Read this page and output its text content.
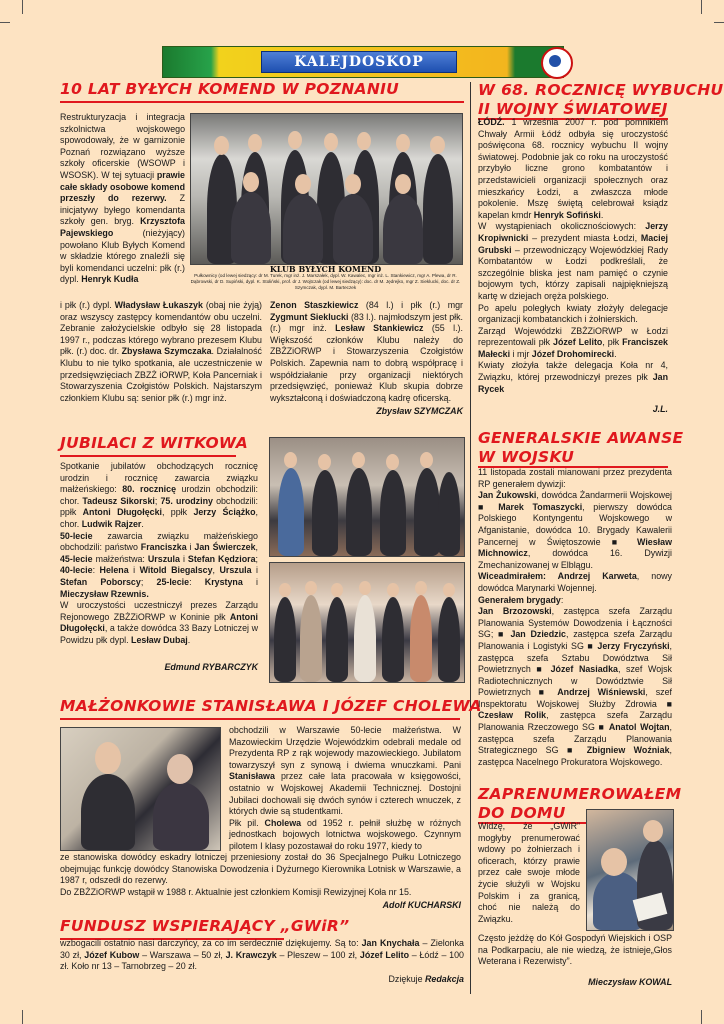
KALEJDOSKOP
10 LAT BYŁYCH KOMEND W POZNANIU
Restrukturyzacja i integracja szkolnictwa wojskowego spowodowały, że w garnizonie Poznań rozwiązano wyższe szkoły oficerskie (WSOWP i WSOSK). W tej sytuacji prawie całe składy osobowe komend przeszły do rezerwy. Z inicjatywy byłego komendanta szkoły gen. bryg. Krzysztofa Pajewskiego (nieżyjący) powołano Klub Byłych Komend w składzie którego znaleźli się byli komendanci uczelni: płk (r.) dypl. Henryk Kudła
KLUB BYŁYCH KOMEND
Pułkownicy (od lewej siedzący: dr M. Turek, mgr inż. J. Marszałek, dypl. W. Kawalec, mgr inż. L. Stankiewicz, mgr A. Plewa, dr R. Dąbrowski, dr D. Supiński, dypl. K. Stoliński, prof. dr J. Wojtczak (od lewej siedzący): doc. dr M. Jędrejko, mgr Z. Sieklucki, doc. dr Z. Szymczak, dypl. M. Barteczek
i płk (r.) dypl. Władysław Łukaszyk (obaj nie żyją) oraz wszyscy zastępcy komendantów obu uczelni. Zebranie założycielskie odbyło się 28 listopada 1997 r., podczas którego wybrano prezesem Klubu płk. (r.) doc. dr. Zbysława Szymczaka. Działalność Klubu to nie tylko spotkania, ale uczestniczenie w przedsięwzięciach ZBZŻ iORWP, Koła Pancerniak i Stowarzyszenia Czołgistów Polskich. Najstarszym członkiem Klubu są: senior płk (r.) mgr inż.
Zenon Staszkiewicz (84 l.) i płk (r.) mgr Zygmunt Sieklucki (83 l.). najmłodszym jest płk. (r.) mgr inż. Lesław Stankiewicz (55 l.). Większość członków Klubu należy do ZBŻZiORWP i Stowarzyszenia Czołgistów Polskich. Zapewnia nam to dobrą współpracę i współdziałanie przy organizacji niektórych przedsięwzięć, ponieważ Klub skupia dobrze wykształconą i doświadczoną kadrę oficerską.
Zbysław SZYMCZAK
JUBILACI Z WITKOWA
Spotkanie jubilatów obchodzących rocznicę urodzin i rocznicę zawarcia związku małżeńskiego: 80. rocznicę urodzin obchodzili: chor. Tadeusz Sikorski; 75. urodziny obchodzili: ppłk Antoni Długołęcki, ppłk Jerzy Ściążko, chor. Ludwik Rajzer.
50-lecie zawarcia związku małżeńskiego obchodzili: państwo Franciszka i Jan Świerczek, 45-lecie małżeństwa: Urszula i Stefan Kędziora; 40-lecie: Helena i Witold Biegalscy, Urszula i Stefan Poborscy; 25-lecie: Krystyna i Mieczysław Rzewnis.
W uroczystości uczestniczył prezes Zarządu Rejonowego ZBŻZiORWP w Koninie płk Antoni Długołęcki, a także dowódca 33 Bazy Lotniczej w Powidzu płk dypl. Lesław Dubaj.
Edmund RYBARCZYK
MAŁŻONKOWIE STANISŁAWA I JÓZEF CHOLEWA
obchodzili w Warszawie 50-lecie małżeństwa. W Mazowieckim Urzędzie Wojewódzkim odebrali medale od Prezydenta RP z rąk wojewody mazowieckiego. Jubilatom towarzyszył syn z synową i dwiema wnuczkami. Pani Stanisława przez całe lata pracowała w księgowości, ostatnio w Wojskowej Akademii Technicznej. Dostojni Jubilaci dochowali się dwóch synów i czterech wnuczek, z których dwie są studentkami.
Płk pil. Cholewa od 1952 r. pełnił służbę w różnych jednostkach bojowych lotnictwa wojskowego. Czynnym pilotem I klasy pozostawał do roku 1977, kiedy to
ze stanowiska dowódcy eskadry lotniczej przeniesiony został do 36 Specjalnego Pułku Lotniczego obejmując funkcję dowódcy Stanowiska Dowodzenia i Dyżurnego Kierownika Lotnisk w Warszawie, a 1987 r, odszedł do rezerwy.
Do ZBŻZiORWP wstąpił w 1988 r. Aktualnie jest członkiem Komisji Rewizyjnej Koła nr 15.
Adolf KUCHARSKI
FUNDUSZ WSPIERAJĄCY „GWiR”
wzbogacili ostatnio nasi darczyńcy, za co im serdecznie dziękujemy. Są to: Jan Knychała – Zielonka 30 zł, Józef Kubow – Warszawa – 50 zł, J. Krawczyk – Pleszew – 100 zł, Józef Lelito – Łódź – 100 zł. Koło nr 13 – Tarnobrzeg – 20 zł.
Dziękuje Redakcja
W 68. ROCZNICĘ WYBUCHU
II WOJNY ŚWIATOWEJ
ŁÓDŹ. 1 września 2007 r. pod pomnikiem Chwały Armii Łódź odbyła się uroczystość poświęcona 68. rocznicy wybuchu II wojny światowej. Podobnie jak co roku na uroczystość przybyło liczne grono kombatantów i przedstawicieli organizacji społecznych oraz mieszkańcy Łodzi, a zwłaszcza młode pokolenie. Mszę świętą celebrował ksiądz kapelan kmdr Henryk Sofiński.
W wystąpieniach okolicznościowych: Jerzy Kropiwnicki – prezydent miasta Łodzi, Maciej Grubski – przewodniczący Wojewódzkiej Rady Kombatantów w Łodzi podkreślali, że szczególnie bliska jest nam pamięć o czynie bojowym tych, którzy zapisali najpiękniejszą kartę w dziejach oręża polskiego.
Po apelu poległych kwiaty złożyły delegacje organizacji kombatanckich i żołnierskich.
Zarząd Wojewódzki ZBŻZiORWP w Łodzi reprezentowali płk Józef Lelito, płk Franciszek Małecki i mjr Józef Drohomirecki.
Kwiaty złożyła także delegacja Koła nr 4, Związku, której przewodniczył prezes płk Jan Rycek
J.L.
GENERALSKIE AWANSE
W WOJSKU
11 listopada zostali mianowani przez prezydenta RP generałem dywizji:
Jan Żukowski, dowódca Żandarmerii Wojskowej ■ Marek Tomaszycki, pierwszy dowódca Polskiego Kontyngentu Wojskowego w Afganistanie, dowódca 10. Brygady Kawalerii Pancernej w Świętoszowie ■ Wiesław Michnowicz, dowódca 16. Dywizji Zmechanizowanej w Elblągu.
Wiceadmirałem: Andrzej Karweta, nowy dowódca Marynarki Wojennej.
Generałem brygady:
Jan Brzozowski, zastępca szefa Zarządu Planowania Systemów Dowodzenia i Łączności SG; ■ Jan Dziedzic, zastępca szefa Zarządu Planowania i Logistyki SG ■ Jerzy Fryczyński, zastępca szefa Sztabu Dowództwa Sił Powietrznych ■ Józef Nasiadka, szef Wojsk Radiotechnicznych w Dowództwie Sił Powietrznych ■ Andrzej Wiśniewski, szef Inspektoratu Wojskowej Służby Zdrowia ■ Czesław Rolik, zastępca szefa Zarządu Planowania Rzeczowego SG ■ Anatol Wojtan, zastępca szefa Zarządu Planowania Strategicznego SG ■ Zbigniew Woźniak, zastępca Nacelnego Prokuratora Wojskowego.
ZAPRENUMEROWAŁEM
DO DOMU
Widzę, że „GWiR” mogłyby prenumerować wdowy po żołnierzach i oficerach, którzy prawie przez całe swoje młode życie służyli w Wojsku Polskim i za granicą, choć nie należą do Związku.
Często jeżdżę do Kół Gospodyń Wiejskich i OSP na Podkarpaciu, ale nie wiedzą, że istnieje„Głos Weterana i Rezerwisty”.
Mieczysław KOWAL
